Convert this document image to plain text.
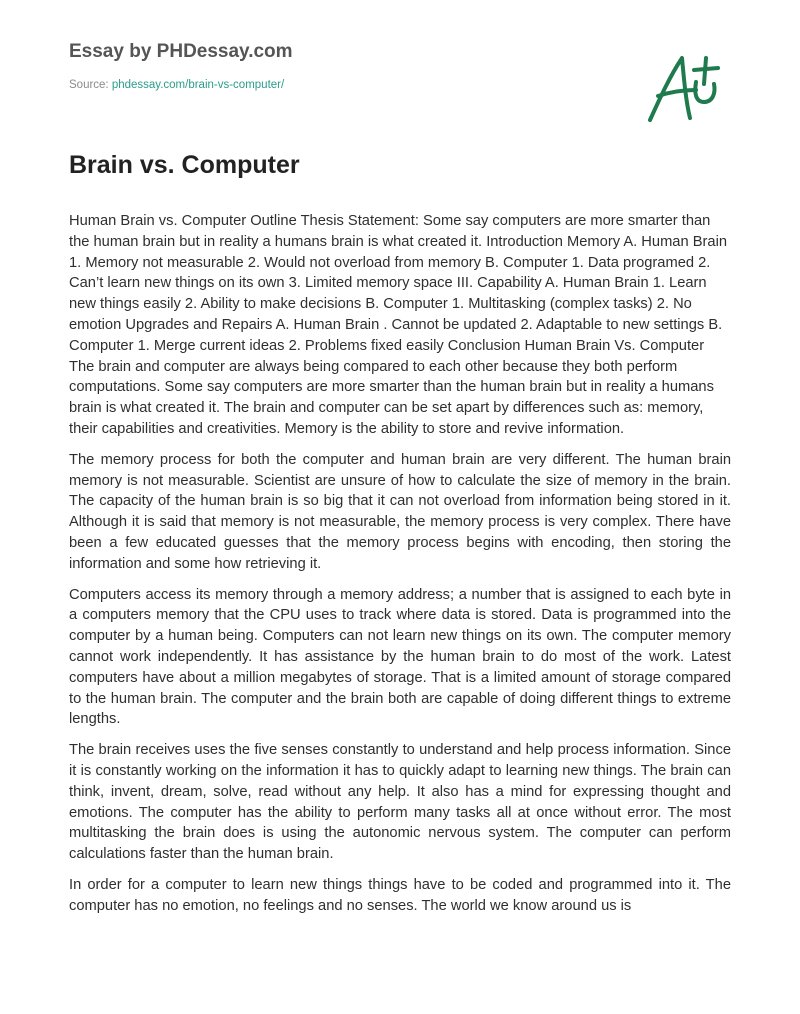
Essay by PHDessay.com
Source: phdessay.com/brain-vs-computer/
Brain vs. Computer

Human Brain vs. Computer Outline Thesis Statement: Some say computers are more smarter than the human brain but in reality a humans brain is what created it. Introduction Memory A. Human Brain 1. Memory not measurable 2. Would not overload from memory B. Computer 1. Data programed 2. Can’t learn new things on its own 3. Limited memory space III. Capability A. Human Brain 1. Learn new things easily 2. Ability to make decisions B. Computer 1. Multitasking (complex tasks) 2. No emotion Upgrades and Repairs A. Human Brain . Cannot be updated 2. Adaptable to new settings B. Computer 1. Merge current ideas 2. Problems fixed easily Conclusion Human Brain Vs. Computer The brain and computer are always being compared to each other because they both perform computations. Some say computers are more smarter than the human brain but in reality a humans brain is what created it. The brain and computer can be set apart by differences such as: memory, their capabilities and creativities. Memory is the ability to store and revive information.

The memory process for both the computer and human brain are very different. The human brain memory is not measurable. Scientist are unsure of how to calculate the size of memory in the brain. The capacity of the human brain is so big that it can not overload from information being stored in it. Although it is said that memory is not measurable, the memory process is very complex. There have been a few educated guesses that the memory process begins with encoding, then storing the information and some how retrieving it.

Computers access its memory through a memory address; a number that is assigned to each byte in a computers memory that the CPU uses to track where data is stored. Data is programmed into the computer by a human being. Computers can not learn new things on its own. The computer memory cannot work independently. It has assistance by the human brain to do most of the work. Latest computers have about a million megabytes of storage. That is a limited amount of storage compared to the human brain. The computer and the brain both are capable of doing different things to extreme lengths.

The brain receives uses the five senses constantly to understand and help process information. Since it is constantly working on the information it has to quickly adapt to learning new things. The brain can think, invent, dream, solve, read without any help. It also has a mind for expressing thought and emotions. The computer has the ability to perform many tasks all at once without error. The most multitasking the brain does is using the autonomic nervous system. The computer can perform calculations faster than the human brain.

In order for a computer to learn new things things have to be coded and programmed into it. The computer has no emotion, no feelings and no senses. The world we know around us is
